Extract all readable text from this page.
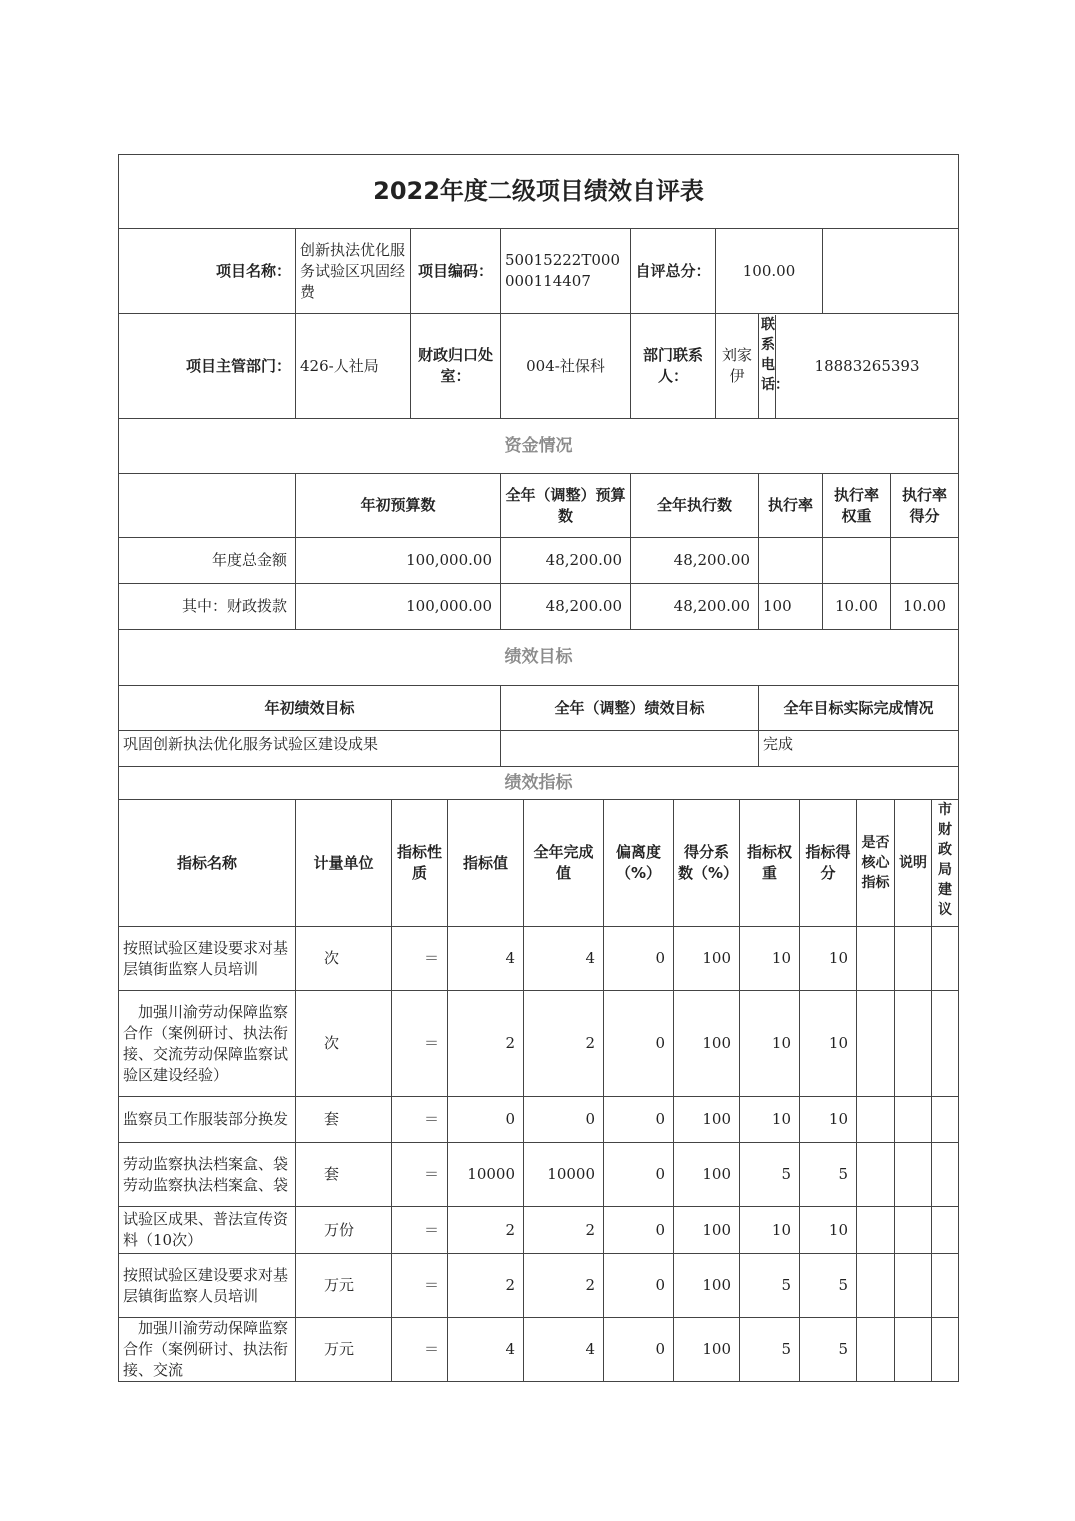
2022年度二级项目绩效自评表								
项目名称：	创新执法优化服务试验区巩固经费	项目编码：	50015222T000000114407	自评总分：	100.00			
项目主管部门：	426-人社局	财政归口处室：	004-社保科	部门联系人：	刘家伊	联系电话：
18883265393		

资金情况								
	年初预算数		全年（调整）预算数	全年执行数		执行率	执行率权重	执行率得分
年度总金额	100,000.00		48,200.00	48,200.00				
其中：财政拨款	100,000.00		48,200.00	48,200.00		100	10.00	10.00
绩效目标								
年初绩效目标			全年（调整）绩效目标			全年目标实际完成情况		
巩固创新执法优化服务试验区建设成果						完成		
绩效指标								
指标名称	计量单位	指标性质	指标值	全年完成值	偏离度（%）	得分系数（%）	指标权重	指标得分	是否核心指标	说明	市财政局建议
按照试验区建设要求对基层镇街监察人员培训	次	＝	4	4	0	100	10	10			
　加强川渝劳动保障监察合作（案例研讨、执法衔接、交流劳动保障监察试验区建设经验）	次	＝	2	2	0	100	10	10			
监察员工作服装部分换发	套	＝	0	0	0	100	10	10			
劳动监察执法档案盒、袋劳动监察执法档案盒、袋	套	＝	10000	10000	0	100	5	5			
试验区成果、普法宣传资料（10次）	万份	＝	2	2	0	100	10	10			
按照试验区建设要求对基层镇街监察人员培训	万元	＝	2	2	0	100	5	5			
　加强川渝劳动保障监察合作（案例研讨、执法衔接、交流	万元	＝	4	4	0	100	5	5			
